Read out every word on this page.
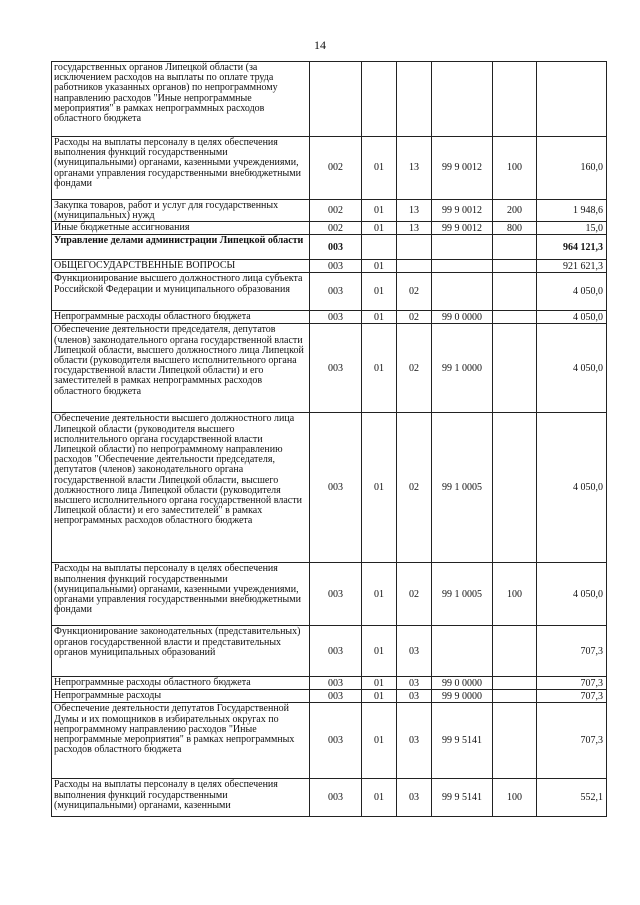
14
государственных органов Липецкой области (за исключением расходов на выплаты по оплате труда работников указанных органов) по непрограммному направлению расходов "Иные непрограммные мероприятия" в рамках непрограммных расходов областного бюджета						
Расходы на выплаты персоналу в целях обеспечения выполнения функций государственными (муниципальными) органами, казенными учреждениями, органами управления государственными внебюджетными фондами	002	01	13	99 9 0012	100	160,0
Закупка товаров, работ и услуг для государственных (муниципальных) нужд	002	01	13	99 9 0012	200	1 948,6
Иные бюджетные ассигнования	002	01	13	99 9 0012	800	15,0
Управление делами администрации Липецкой области	003					964 121,3
ОБЩЕГОСУДАРСТВЕННЫЕ ВОПРОСЫ	003	01				921 621,3
Функционирование высшего должностного лица субъекта Российской Федерации и муниципального образования	003	01	02			4 050,0
Непрограммные расходы областного бюджета	003	01	02	99 0 0000		4 050,0
Обеспечение деятельности председателя, депутатов (членов) законодательного органа государственной власти Липецкой области, высшего должностного лица Липецкой области (руководителя высшего исполнительного органа государственной власти Липецкой области) и его заместителей в рамках непрограммных расходов областного бюджета	003	01	02	99 1 0000		4 050,0
Обеспечение деятельности высшего должностного лица Липецкой области (руководителя высшего исполнительного органа государственной власти Липецкой области) по непрограммному направлению расходов "Обеспечение деятельности председателя, депутатов (членов) законодательного органа государственной власти Липецкой области, высшего должностного лица Липецкой области (руководителя высшего исполнительного органа государственной власти Липецкой области) и его заместителей" в рамках непрограммных расходов областного бюджета	003	01	02	99 1 0005		4 050,0
Расходы на выплаты персоналу в целях обеспечения выполнения функций государственными (муниципальными) органами, казенными учреждениями, органами управления государственными внебюджетными фондами	003	01	02	99 1 0005	100	4 050,0
Функционирование законодательных (представительных) органов государственной власти и представительных органов муниципальных образований	003	01	03			707,3
Непрограммные расходы областного бюджета	003	01	03	99 0 0000		707,3
Непрограммные расходы	003	01	03	99 9 0000		707,3
Обеспечение деятельности депутатов Государственной Думы и их помощников в избирательных округах по непрограммному направлению расходов "Иные непрограммные мероприятия" в рамках непрограммных расходов областного бюджета	003	01	03	99 9 5141		707,3
Расходы на выплаты персоналу в целях обеспечения выполнения функций государственными (муниципальными) органами, казенными	003	01	03	99 9 5141	100	552,1
